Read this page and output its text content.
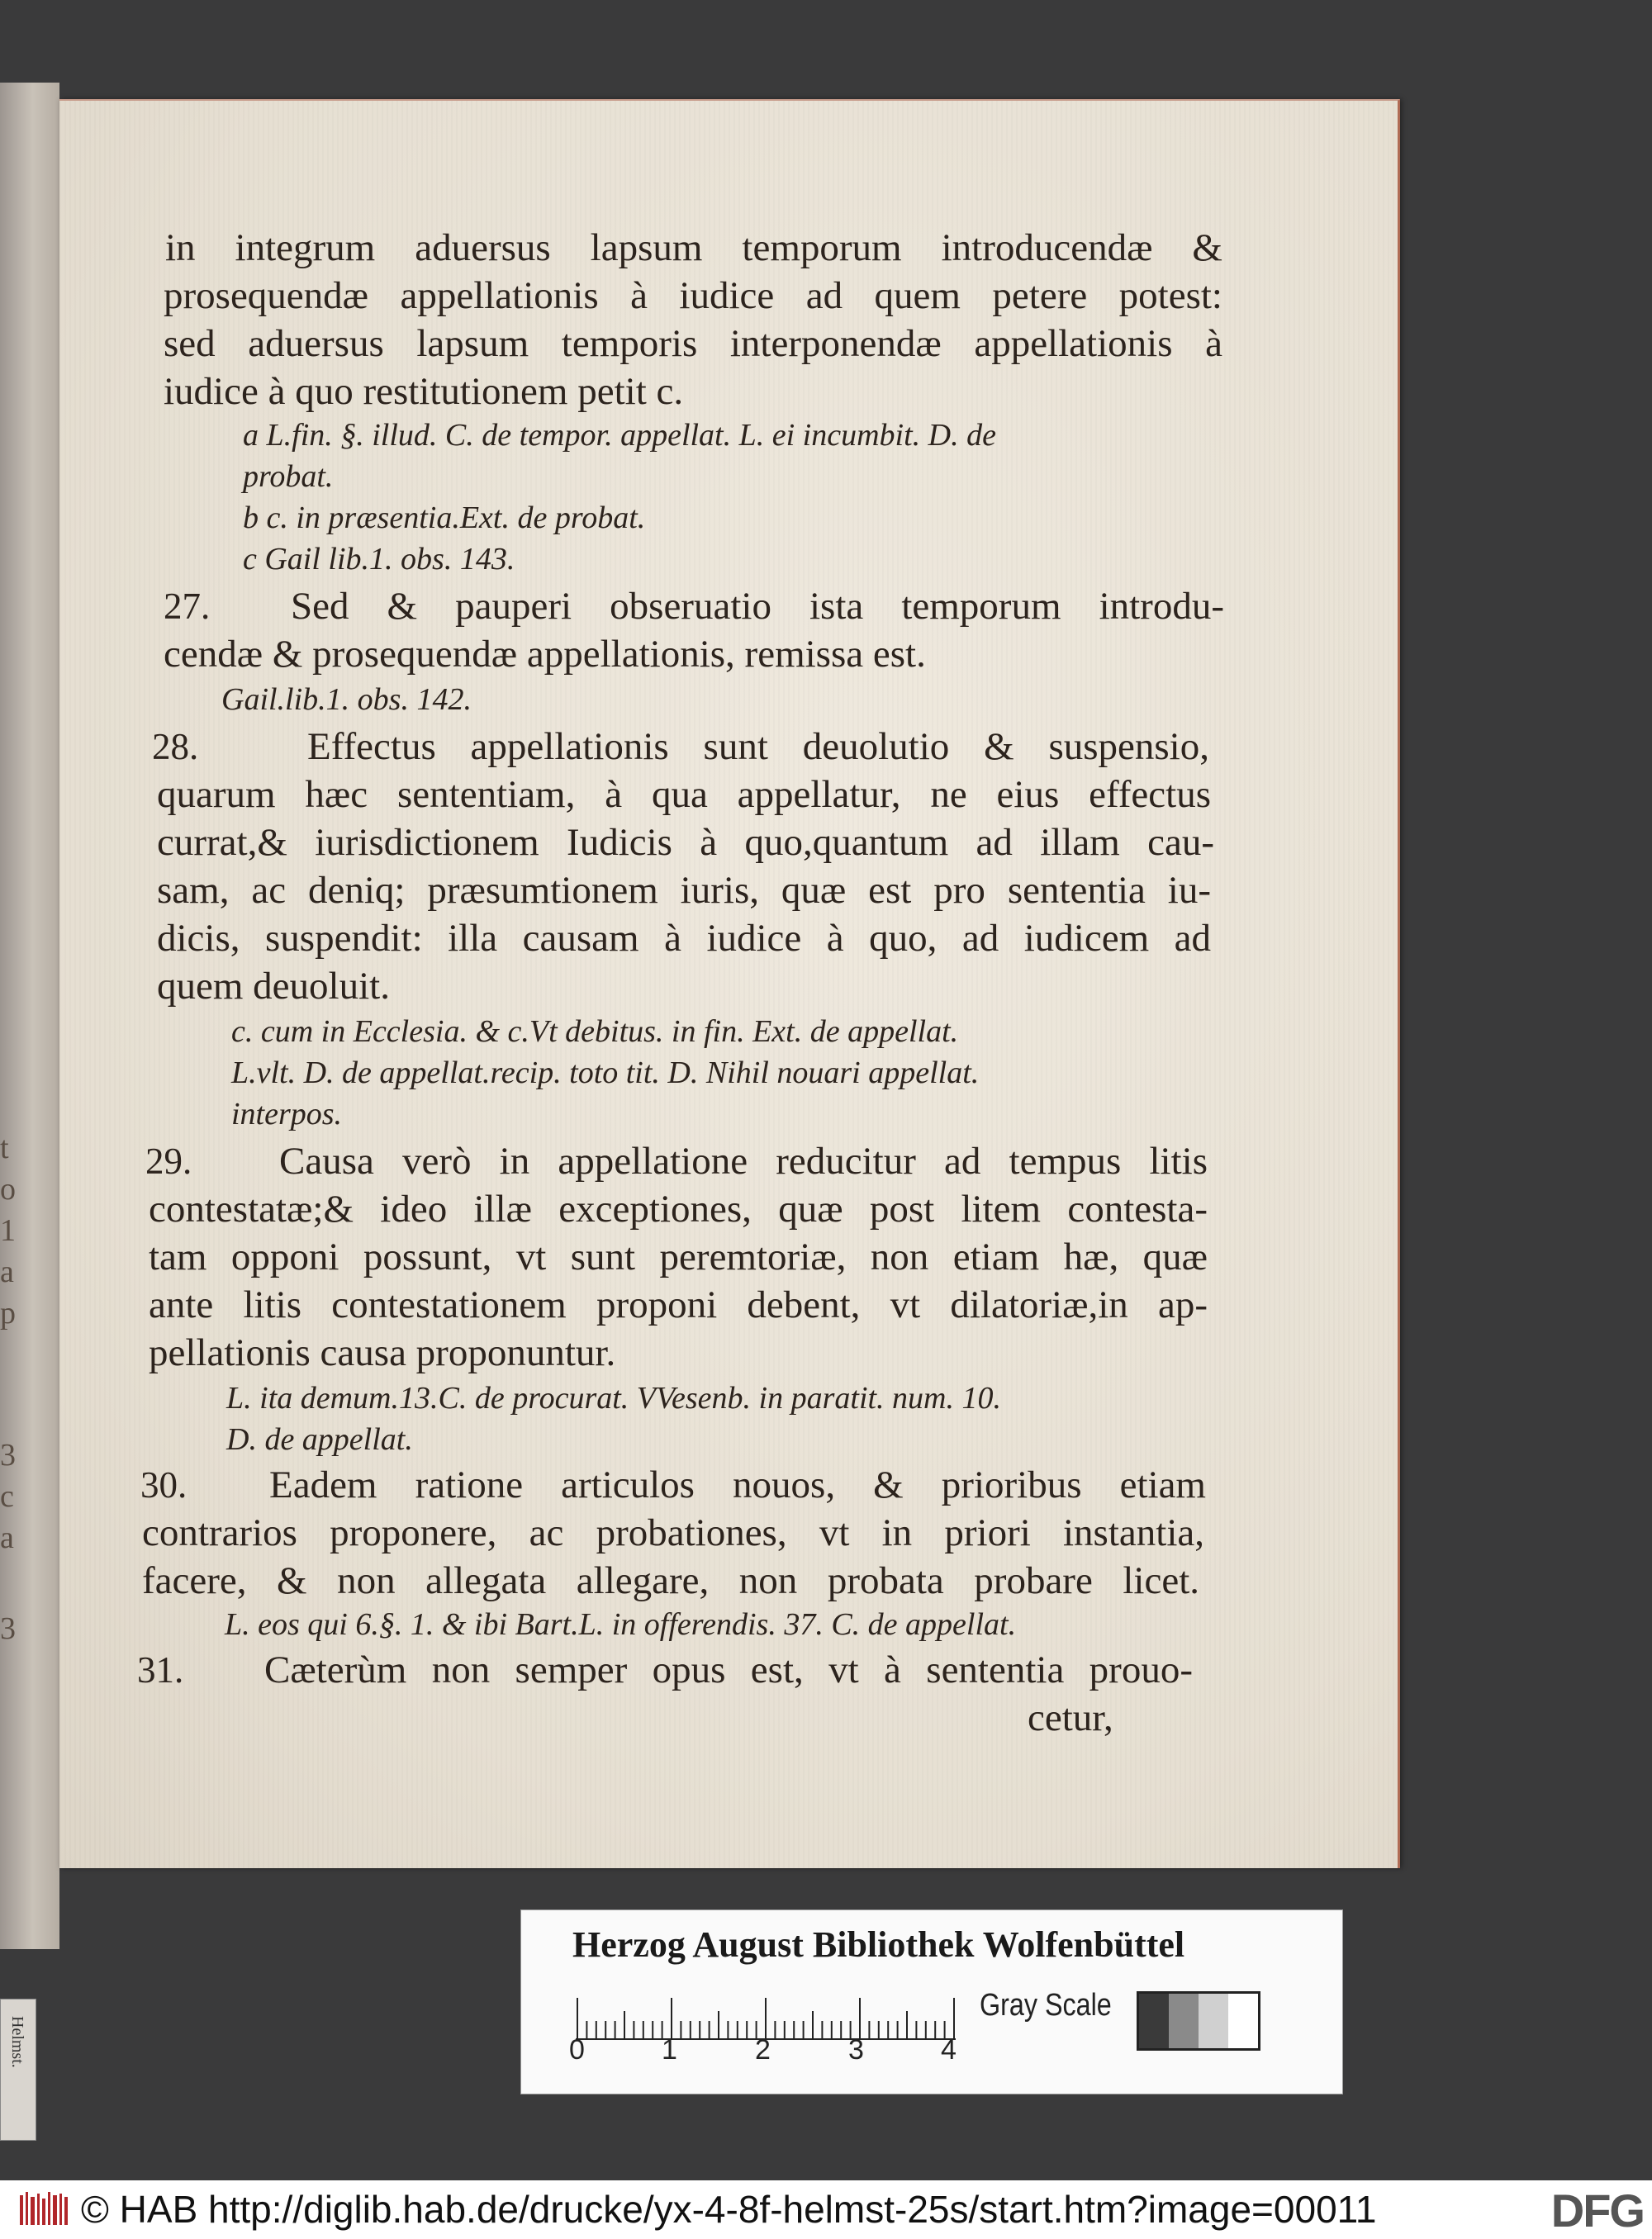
t
o
1
a
p
3
c
a
3
Helmst.
in integrum aduersus lapsum temporum introducendæ &
prosequendæ appellationis à iudice ad quem petere potest:
sed aduersus lapsum temporis interponendæ appellationis à
iudice à quo restitutionem petit c.
a L.fin. §. illud. C. de tempor. appellat. L. ei incumbit. D. de
probat.
b c. in præsentia.Ext. de probat.
c Gail lib.1. obs. 143.
27. Sed & pauperi obseruatio ista temporum introdu-
cendæ & prosequendæ appellationis, remissa est.
Gail.lib.1. obs. 142.
28.	Effectus appellationis sunt deuolutio & suspensio,
quarum hæc sententiam, à qua appellatur, ne eius effectus
currat,& iurisdictionem Iudicis à quo,quantum ad illam cau-
sam, ac deniq; præsumtionem iuris, quæ est pro sententia iu-
dicis, suspendit: illa causam à iudice à quo, ad iudicem ad
quem deuoluit.
c. cum in Ecclesia. & c.Vt debitus. in fin. Ext. de appellat.
L.vlt. D. de appellat.recip. toto tit. D. Nihil nouari appellat.
interpos.
29. Causa verò in appellatione reducitur ad tempus litis
contestatæ;& ideo illæ exceptiones, quæ post litem contesta-
tam opponi possunt, vt sunt peremtoriæ, non etiam hæ, quæ
ante litis contestationem proponi debent, vt dilatoriæ,in ap-
pellationis causa proponuntur.
L. ita demum.13.C. de procurat. VVesenb. in paratit. num. 10.
D. de appellat.
30. Eadem ratione articulos nouos, & prioribus etiam
contrarios proponere, ac probationes, vt in priori instantia,
facere, & non allegata allegare, non probata probare licet.
L. eos qui 6.§. 1. & ibi Bart.L. in offerendis. 37. C. de appellat.
31. Cæterùm non semper opus est, vt à sententia prouo-
cetur,
Herzog August Bibliothek Wolfenbüttel
0	1	2	3	4
Gray Scale
© HAB http://diglib.hab.de/drucke/yx-4-8f-helmst-25s/start.htm?image=00011	DFG
